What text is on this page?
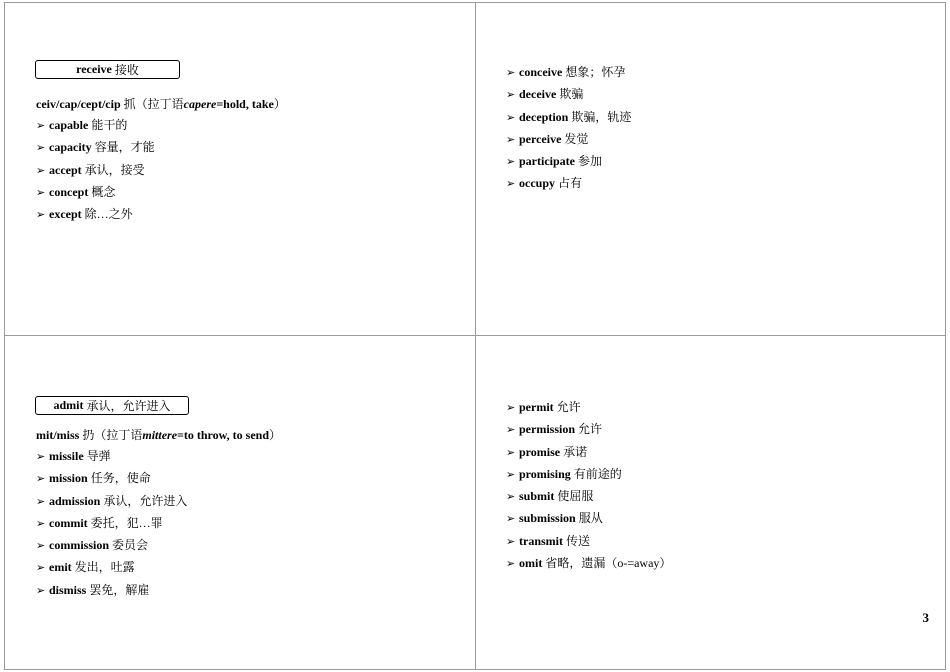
receive
接收
ceiv/cap/cept/cip 抓（拉丁语capere=hold, take）
➢ capable 能干的
➢ capacity 容量，才能
➢ accept 承认，接受
➢ concept 概念
➢ except 除…之外
➢ conceive 想象；怀孕
➢ deceive 欺骗
➢ deception 欺骗，轨迹
➢ perceive 发觉
➢ participate 参加
➢ occupy 占有
admit
承认，允许进入
mit/miss 扔（拉丁语mittere=to throw, to send）
➢ missile 导弹
➢ mission 任务，使命
➢ admission 承认，允许进入
➢ commit 委托，犯…罪
➢ commission 委员会
➢ emit 发出，吐露
➢ dismiss 罢免，解雇
➢ permit 允许
➢ permission 允许
➢ promise 承诺
➢ promising 有前途的
➢ submit 使屈服
➢ submission 服从
➢ transmit 传送
➢ omit 省略，遗漏（o-=away）
3
